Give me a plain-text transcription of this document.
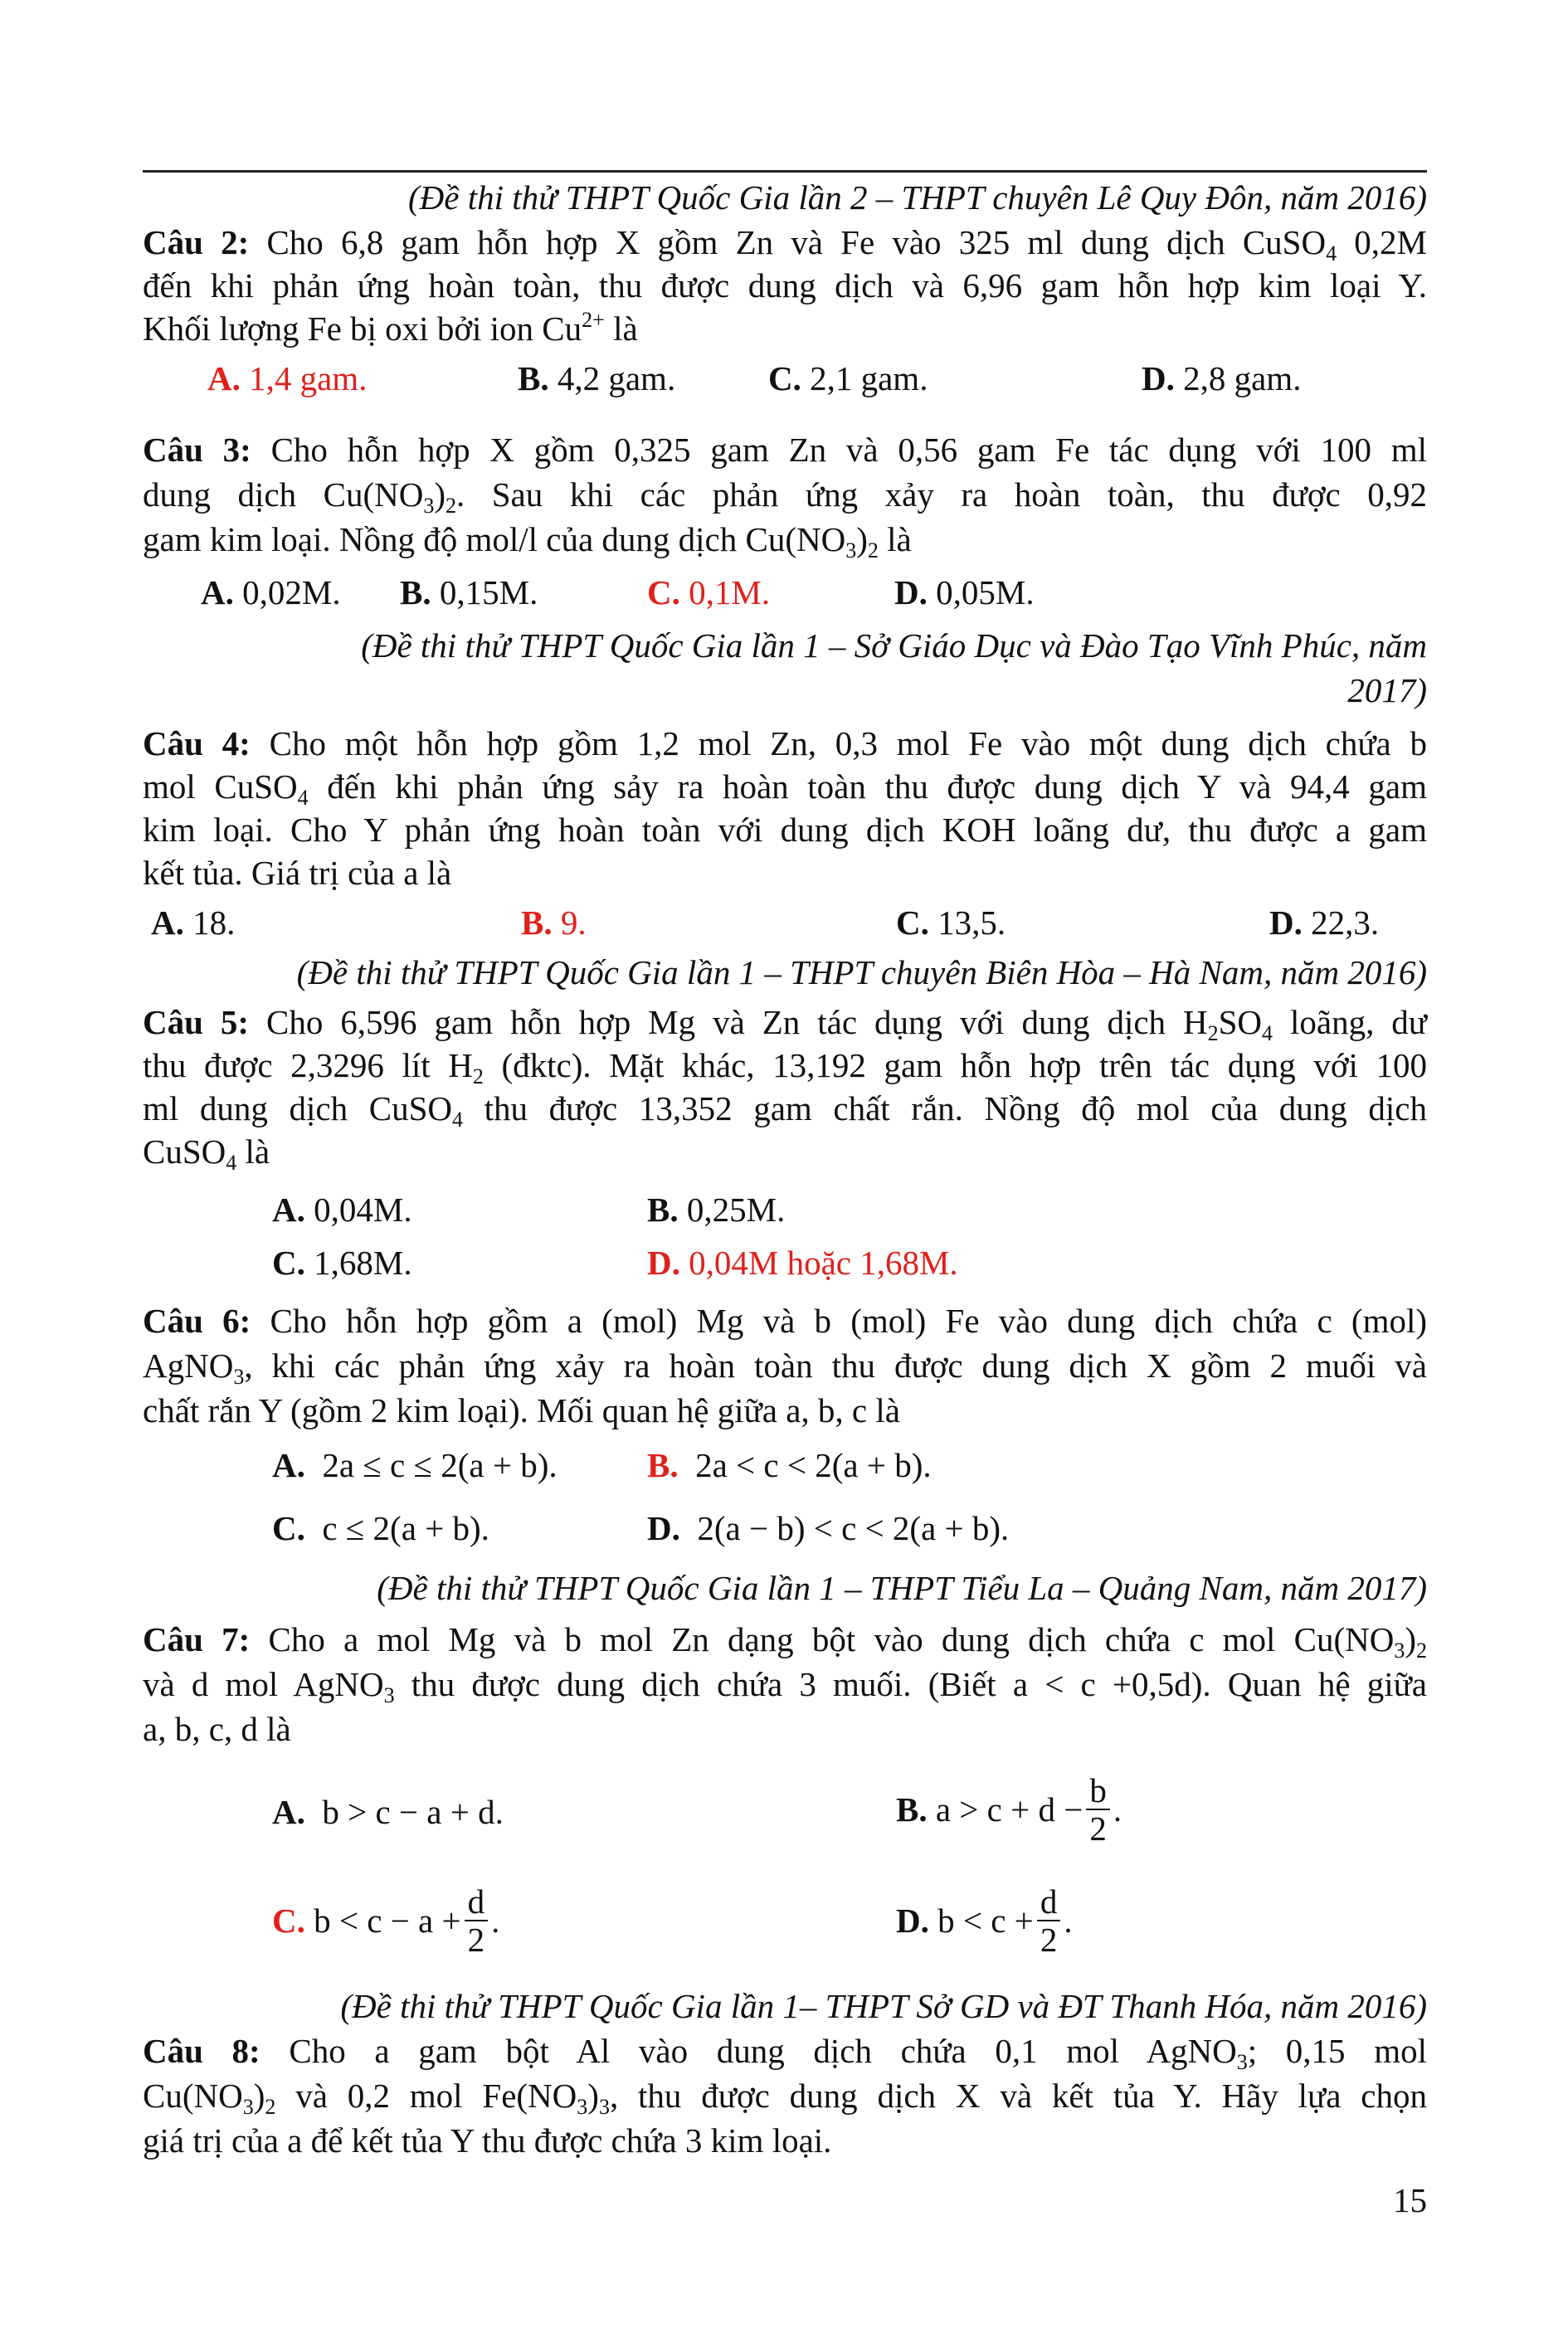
(Đề thi thử THPT Quốc Gia lần 2 – THPT chuyên Lê Quy Đôn, năm 2016)
Câu 2: Cho 6,8 gam hỗn hợp X gồm Zn và Fe vào 325 ml dung dịch CuSO$_4$ 0,2M
đến khi phản ứng hoàn toàn, thu được dung dịch và 6,96 gam hỗn hợp kim loại Y.
Khối lượng Fe bị oxi bởi ion $Cu^{2+}$ là
A. 1,4 gam.	B. 4,2 gam.	C. 2,1 gam.	D. 2,8 gam.
Câu 3: Cho hỗn hợp X gồm 0,325 gam Zn và 0,56 gam Fe tác dụng với 100 ml
dung dịch $Cu(NO_3)_2$. Sau khi các phản ứng xảy ra hoàn toàn, thu được 0,92
gam kim loại. Nồng độ mol/l của dung dịch $Cu(NO_3)_2$ là
A. 0,02M. B. 0,15M.	C. 0,1M.	D. 0,05M.
(Đề thi thử THPT Quốc Gia lần 1 – Sở Giáo Dục và Đào Tạo Vĩnh Phúc, năm
2017)
Câu 4: Cho một hỗn hợp gồm 1,2 mol Zn, 0,3 mol Fe vào một dung dịch chứa b
mol CuSO$_4$ đến khi phản ứng sảy ra hoàn toàn thu được dung dịch Y và 94,4 gam
kim loại. Cho Y phản ứng hoàn toàn với dung dịch KOH loãng dư, thu được a gam
kết tủa. Giá trị của a là
A. 18.	B. 9.	C. 13,5.	D. 22,3.
(Đề thi thử THPT Quốc Gia lần 1 – THPT chuyên Biên Hòa – Hà Nam, năm 2016)
Câu 5: Cho 6,596 gam hỗn hợp Mg và Zn tác dụng với dung dịch $H_2SO_4$ loãng, dư
thu được 2,3296 lít $H_2$ (đktc). Mặt khác, 13,192 gam hỗn hợp trên tác dụng với 100
ml dung dịch CuSO$_4$ thu được 13,352 gam chất rắn. Nồng độ mol của dung dịch
CuSO$_4$ là
A. 0,04M.	B. 0,25M.
C. 1,68M.	D. 0,04M hoặc 1,68M.
Câu 6: Cho hỗn hợp gồm a (mol) Mg và b (mol) Fe vào dung dịch chứa c (mol)
AgNO$_3$, khi các phản ứng xảy ra hoàn toàn thu được dung dịch X gồm 2 muối và
chất rắn Y (gồm 2 kim loại). Mối quan hệ giữa a, b, c là
A. 2a ≤ c ≤ 2(a + b).	B. 2a < c < 2(a + b).
C. c ≤ 2(a + b).	D. 2(a − b) < c < 2(a + b).
(Đề thi thử THPT Quốc Gia lần 1 – THPT Tiểu La – Quảng Nam, năm 2017)
Câu 7: Cho a mol Mg và b mol Zn dạng bột vào dung dịch chứa c mol $Cu(NO_3)_2$
và d mol AgNO$_3$ thu được dung dịch chứa 3 muối. (Biết a < c +0,5d). Quan hệ giữa
a, b, c, d là
A. b > c − a + d.	B.
$a > c + d - \frac{b}{2}$ .
C.
$b < c - a + \frac{d}{2}$ .	D.
$b < c + \frac{d}{2}$ .
(Đề thi thử THPT Quốc Gia lần 1– THPT Sở GD và ĐT Thanh Hóa, năm 2016)
Câu 8: Cho a gam bột Al vào dung dịch chứa 0,1 mol AgNO$_3$; 0,15 mol
$Cu(NO_3)_2$ và 0,2 mol $Fe(NO_3)_3$, thu được dung dịch X và kết tủa Y. Hãy lựa chọn
giá trị của a để kết tủa Y thu được chứa 3 kim loại.
15
